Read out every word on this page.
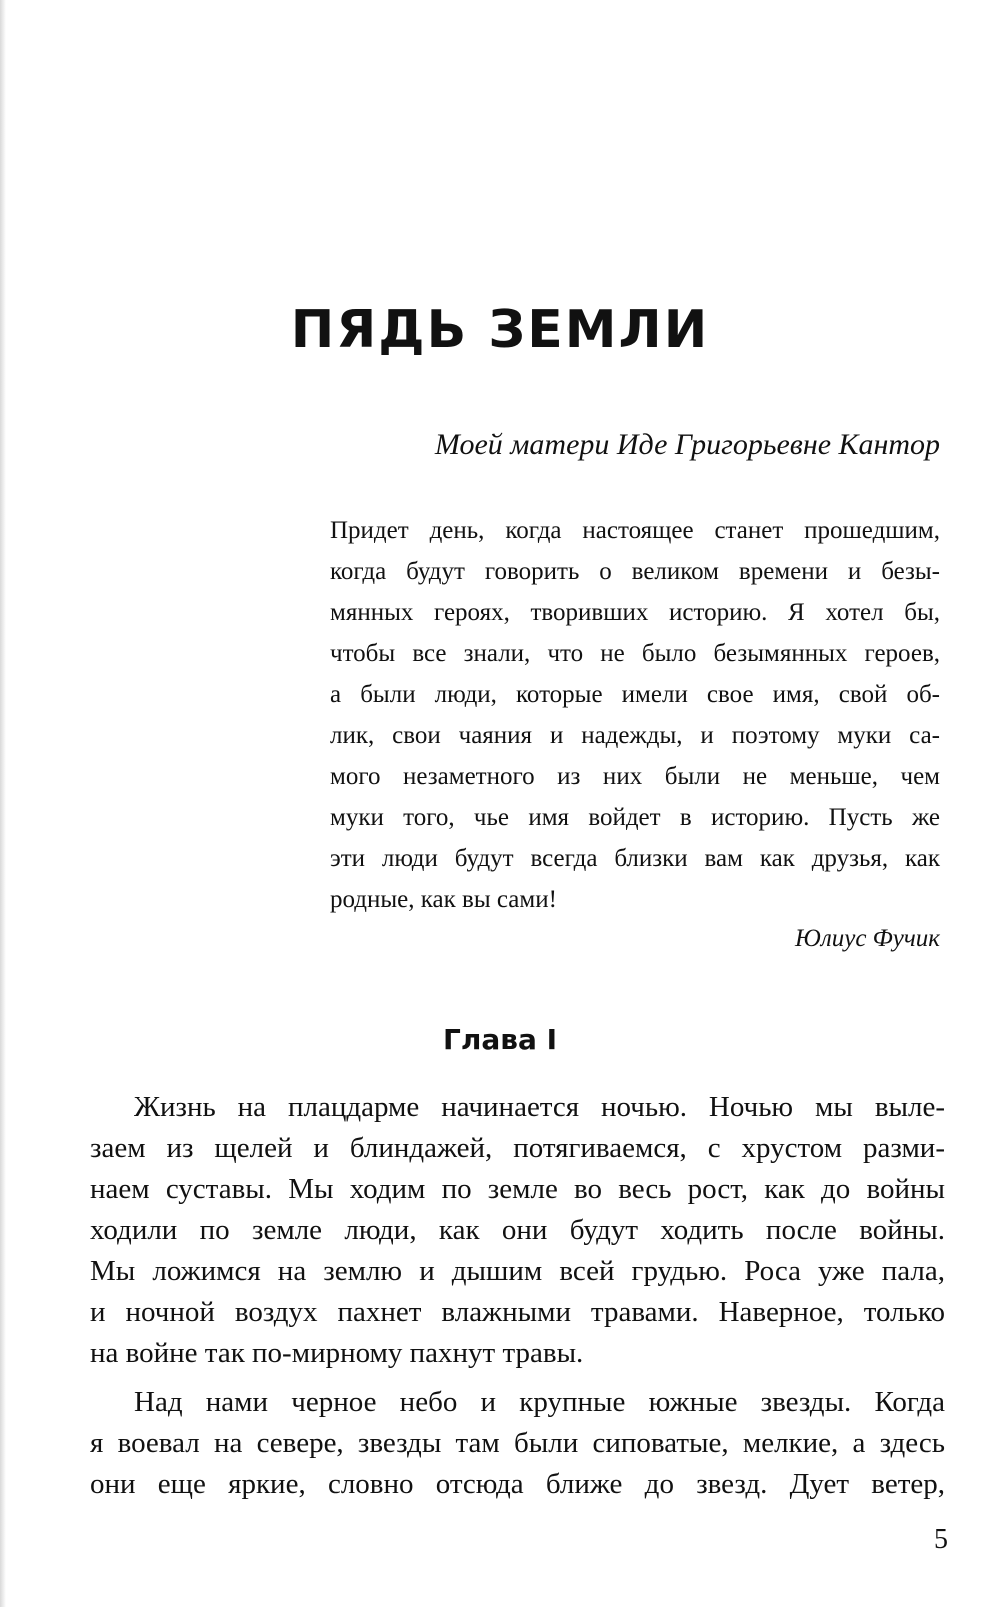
ПЯДЬ ЗЕМЛИ

Моей матери Иде Григорьевне Кантор

Придет день, когда настоящее станет прошедшим,
когда будут говорить о великом времени и безы-
мянных героях, творивших историю. Я хотел бы,
чтобы все знали, что не было безымянных героев,
а были люди, которые имели свое имя, свой об-
лик, свои чаяния и надежды, и поэтому муки са-
мого незаметного из них были не меньше, чем
муки того, чье имя войдет в историю. Пусть же
эти люди будут всегда близки вам как друзья, как
родные, как вы сами!
Юлиус Фучик
Глава I
Жизнь на плацдарме начинается ночью. Ночью мы выле-
заем из щелей и блиндажей, потягиваемся, с хрустом разми-
наем суставы. Мы ходим по земле во весь рост, как до войны
ходили по земле люди, как они будут ходить после войны.
Мы ложимся на землю и дышим всей грудью. Роса уже пала,
и ночной воздух пахнет влажными травами. Наверное, только
на войне так по-мирному пахнут травы.
Над нами черное небо и крупные южные звезды. Когда
я воевал на севере, звезды там были сиповатые, мелкие, а здесь
они еще яркие, словно отсюда ближе до звезд. Дует ветер,
5
